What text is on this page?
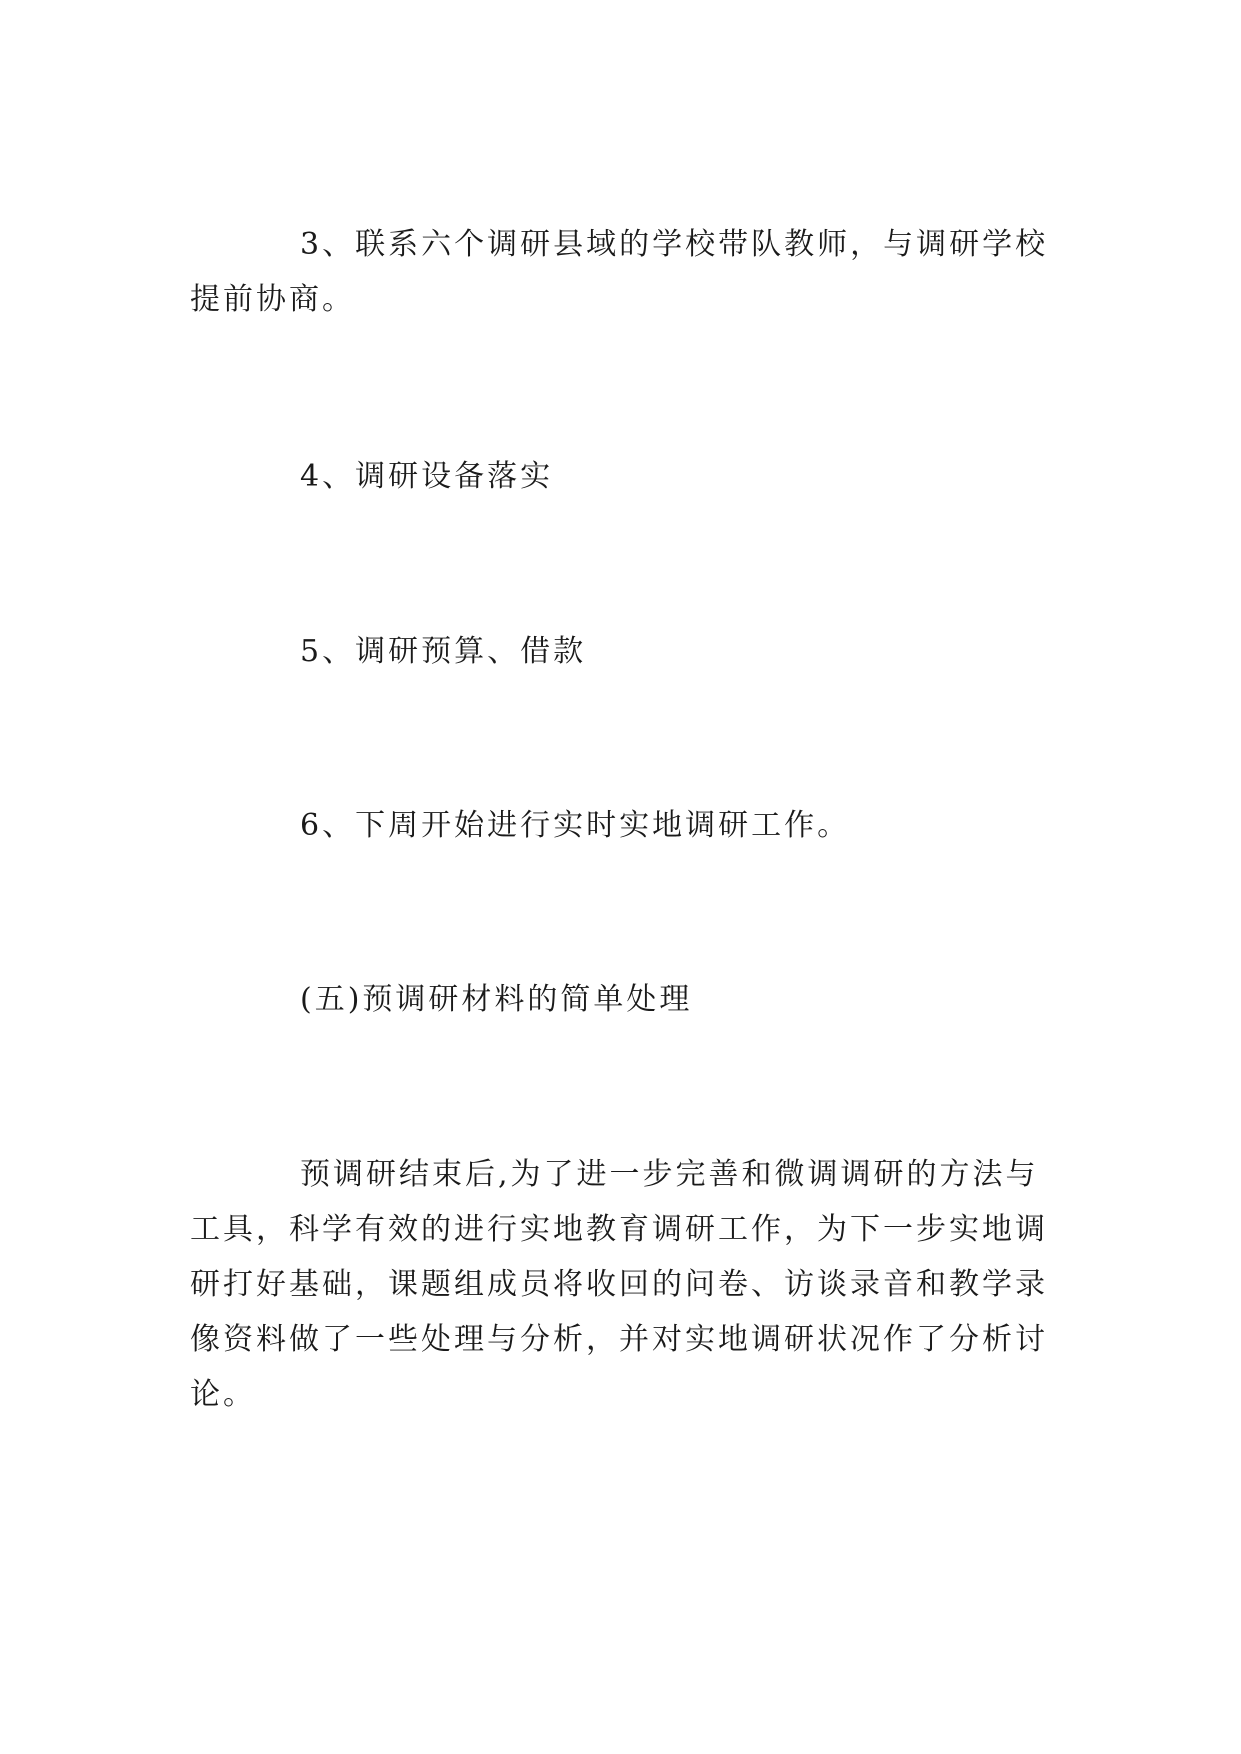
3、联系六个调研县域的学校带队教师，与调研学校提前协商。

4、调研设备落实

5、调研预算、借款

6、下周开始进行实时实地调研工作。

(五)预调研材料的简单处理

预调研结束后,为了进一步完善和微调调研的方法与工具，科学有效的进行实地教育调研工作，为下一步实地调研打好基础，课题组成员将收回的问卷、访谈录音和教学录像资料做了一些处理与分析，并对实地调研状况作了分析讨论。
